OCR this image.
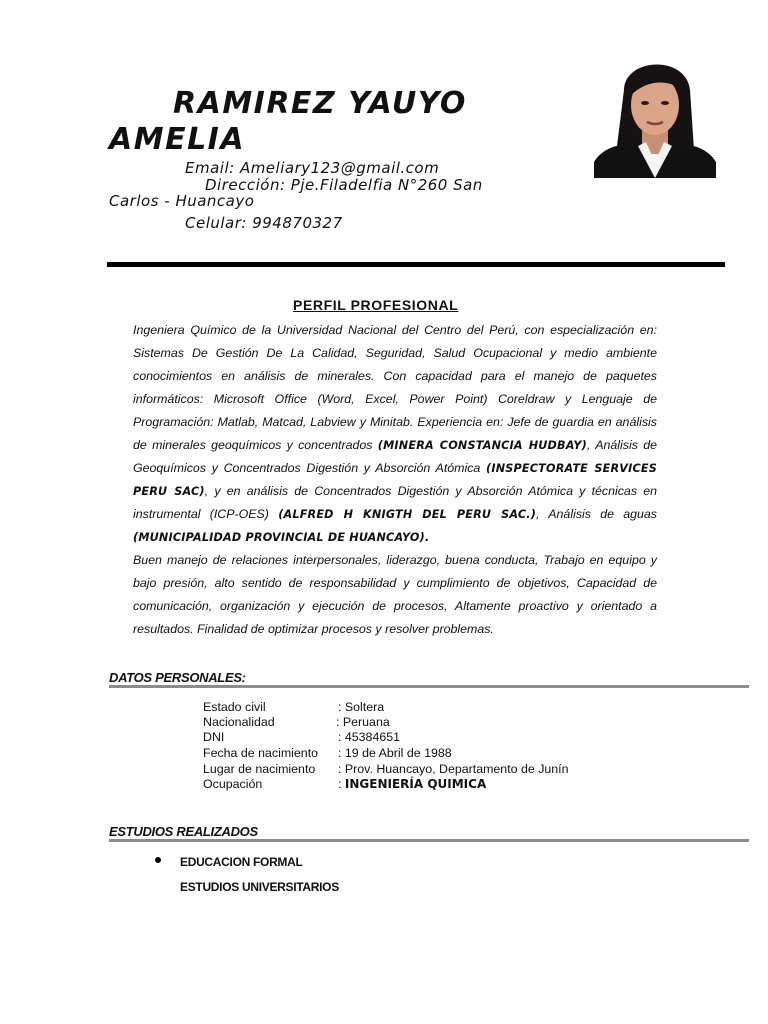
RAMIREZ YAUYO
AMELIA
Email: Ameliary123@gmail.com
Dirección: Pje.Filadelfia N°260 San
Carlos - Huancayo
Celular: 994870327
PERFIL PROFESIONAL

Ingeniera Químico de la Universidad Nacional del Centro del Perú, con especialización en: Sistemas De Gestión De La Calidad, Seguridad, Salud Ocupacional y medio ambiente conocimientos en análisis de minerales. Con capacidad para el manejo de paquetes informáticos: Microsoft Office (Word, Excel, Power Point) Coreldraw y Lenguaje de Programación: Matlab, Matcad, Labview y Minitab. Experiencia en: Jefe de guardia en análisis de minerales geoquímicos y concentrados (MINERA CONSTANCIA HUDBAY), Análisis de Geoquímicos y Concentrados Digestión y Absorción Atómica (INSPECTORATE SERVICES PERU SAC), y en análisis de Concentrados Digestión y Absorción Atómica y técnicas en instrumental (ICP-OES) (ALFRED H KNIGTH DEL PERU SAC.), Análisis de aguas (MUNICIPALIDAD PROVINCIAL DE HUANCAYO).

Buen manejo de relaciones interpersonales, liderazgo, buena conducta, Trabajo en equipo y bajo presión, alto sentido de responsabilidad y cumplimiento de objetivos, Capacidad de comunicación, organización y ejecución de procesos, Altamente proactivo y orientado a resultados. Finalidad de optimizar procesos y resolver problemas.

DATOS PERSONALES:
Estado civil	: Soltera
Nacionalidad	: Peruana
DNI	: 45384651
Fecha de nacimiento : 19 de Abril de 1988
Lugar de nacimiento : Prov. Huancayo, Departamento de Junín
Ocupación	: INGENIERÍA QUIMICA
ESTUDIOS REALIZADOS
EDUCACION FORMAL
ESTUDIOS UNIVERSITARIOS
